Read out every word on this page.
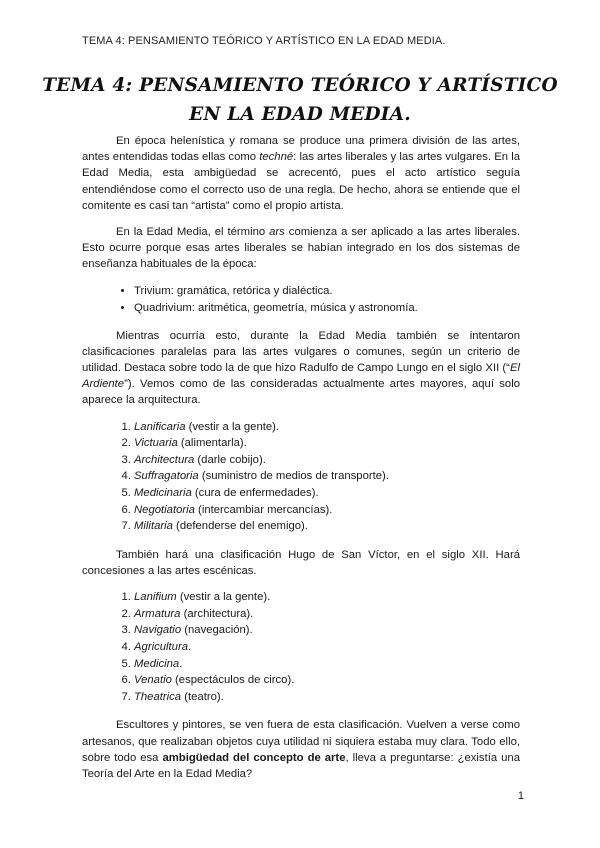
TEMA 4: PENSAMIENTO TEÓRICO Y ARTÍSTICO EN LA EDAD MEDIA.
TEMA 4: PENSAMIENTO TEÓRICO Y ARTÍSTICO
EN LA EDAD MEDIA.

En época helenística y romana se produce una primera división de las artes, antes entendidas todas ellas como techné: las artes liberales y las artes vulgares. En la Edad Media, esta ambigüedad se acrecentó, pues el acto artístico seguía entendiéndose como el correcto uso de una regla. De hecho, ahora se entiende que el comitente es casi tan “artista” como el propio artista.

En la Edad Media, el término ars comienza a ser aplicado a las artes liberales. Esto ocurre porque esas artes liberales se habían integrado en los dos sistemas de enseñanza habituales de la época:

• Trivium: gramática, retórica y dialéctica.
• Quadrivium: aritmética, geometría, música y astronomía.

Mientras ocurría esto, durante la Edad Media también se intentaron clasificaciones paralelas para las artes vulgares o comunes, según un criterio de utilidad. Destaca sobre todo la de que hizo Radulfo de Campo Lungo en el siglo XII (“El Ardiente”). Vemos como de las consideradas actualmente artes mayores, aquí solo aparece la arquitectura.

1. Lanificaria (vestir a la gente).
2. Victuaria (alimentarla).
3. Architectura (darle cobijo).
4. Suffragatoria (suministro de medios de transporte).
5. Medicinaria (cura de enfermedades).
6. Negotiatoria (intercambiar mercancías).
7. Militaria (defenderse del enemigo).

También hará una clasificación Hugo de San Víctor, en el siglo XII. Hará concesiones a las artes escénicas.

1. Lanifium (vestir a la gente).
2. Armatura (architectura).
3. Navigatio (navegación).
4. Agricultura.
5. Medicina.
6. Venatio (espectáculos de circo).
7. Theatrica (teatro).

Escultores y pintores, se ven fuera de esta clasificación. Vuelven a verse como artesanos, que realizaban objetos cuya utilidad ni siquiera estaba muy clara. Todo ello, sobre todo esa ambigüedad del concepto de arte, lleva a preguntarse: ¿existía una Teoría del Arte en la Edad Media?

1
